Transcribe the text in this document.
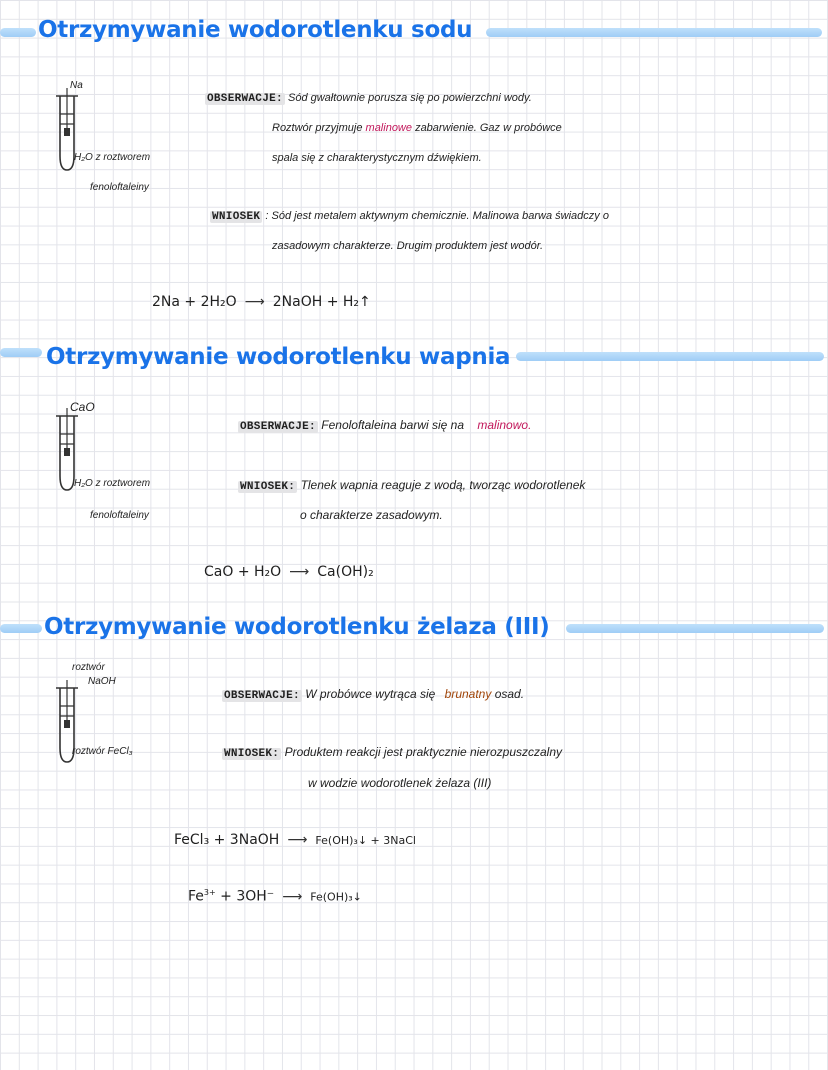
Otrzymywanie wodorotlenku sodu
Na
H₂O z roztworem
fenoloftaleiny
OBSERWACJE: Sód gwałtownie porusza się po powierzchni wody.
Roztwór przyjmuje malinowe zabarwienie. Gaz w probówce
spala się z charakterystycznym dźwiękiem.
WNIOSEK : Sód jest metalem aktywnym chemicznie. Malinowa barwa świadczy o
zasadowym charakterze. Drugim produktem jest wodór.
2Na + 2H₂O ⟶ 2NaOH + H₂↑
Otrzymywanie wodorotlenku wapnia
CaO
H₂O z roztworem
fenoloftaleiny
OBSERWACJE: Fenoloftaleina barwi się na malinowo.
WNIOSEK: Tlenek wapnia reaguje z wodą, tworząc wodorotlenek
o charakterze zasadowym.
CaO + H₂O ⟶ Ca(OH)₂
Otrzymywanie wodorotlenku żelaza (III)
roztwór
NaOH
roztwór FeCl₃
OBSERWACJE: W probówce wytrąca się brunatny osad.
WNIOSEK: Produktem reakcji jest praktycznie nierozpuszczalny
w wodzie wodorotlenek żelaza (III)
FeCl₃ + 3NaOH ⟶ Fe(OH)₃↓ + 3NaCl
$Fe^{3+} + 3OH^-$ ⟶ Fe(OH)₃↓
